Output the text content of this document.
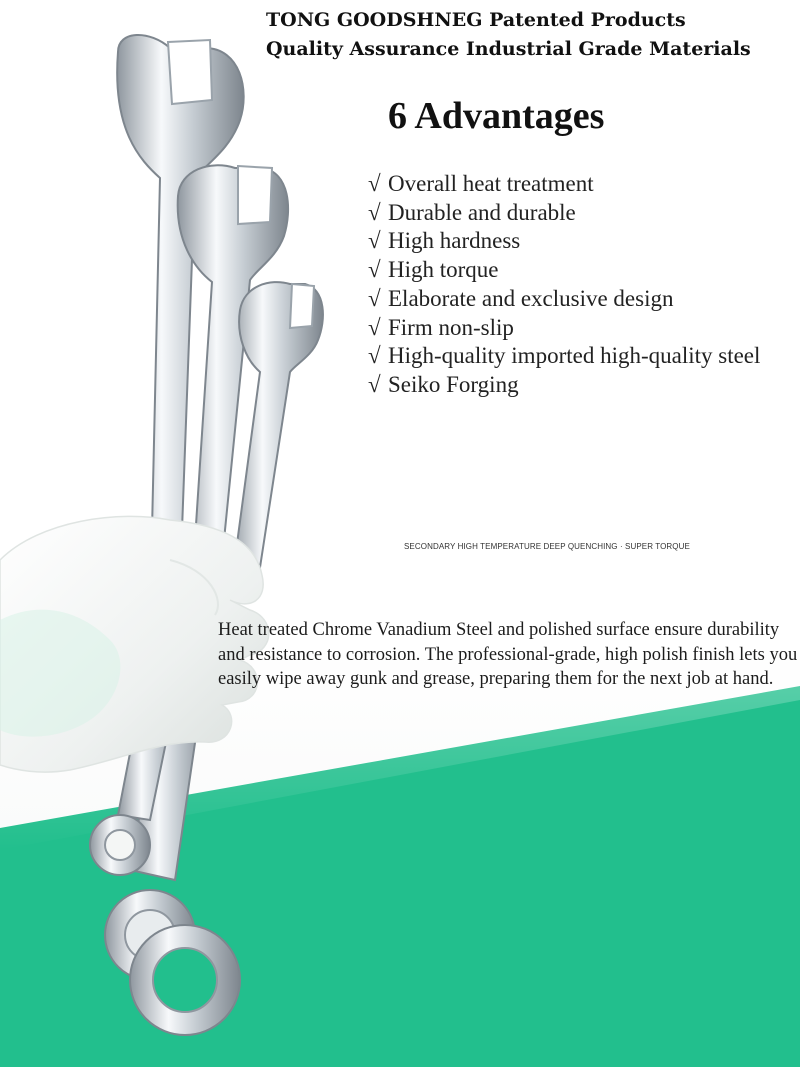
TONG GOODSHNEG Patented Products
Quality Assurance Industrial Grade Materials
6 Advantages
√ Overall heat treatment
√ Durable and durable
√ High hardness
√ High torque
√ Elaborate and exclusive design
√ Firm non-slip
√ High-quality imported high-quality steel
√ Seiko Forging

SECONDARY HIGH TEMPERATURE DEEP QUENCHING · SUPER TORQUE

Heat treated Chrome Vanadium Steel and polished surface ensure durability and resistance to corrosion. The professional-grade, high polish finish lets you easily wipe away gunk and grease, preparing them for the next job at hand.
